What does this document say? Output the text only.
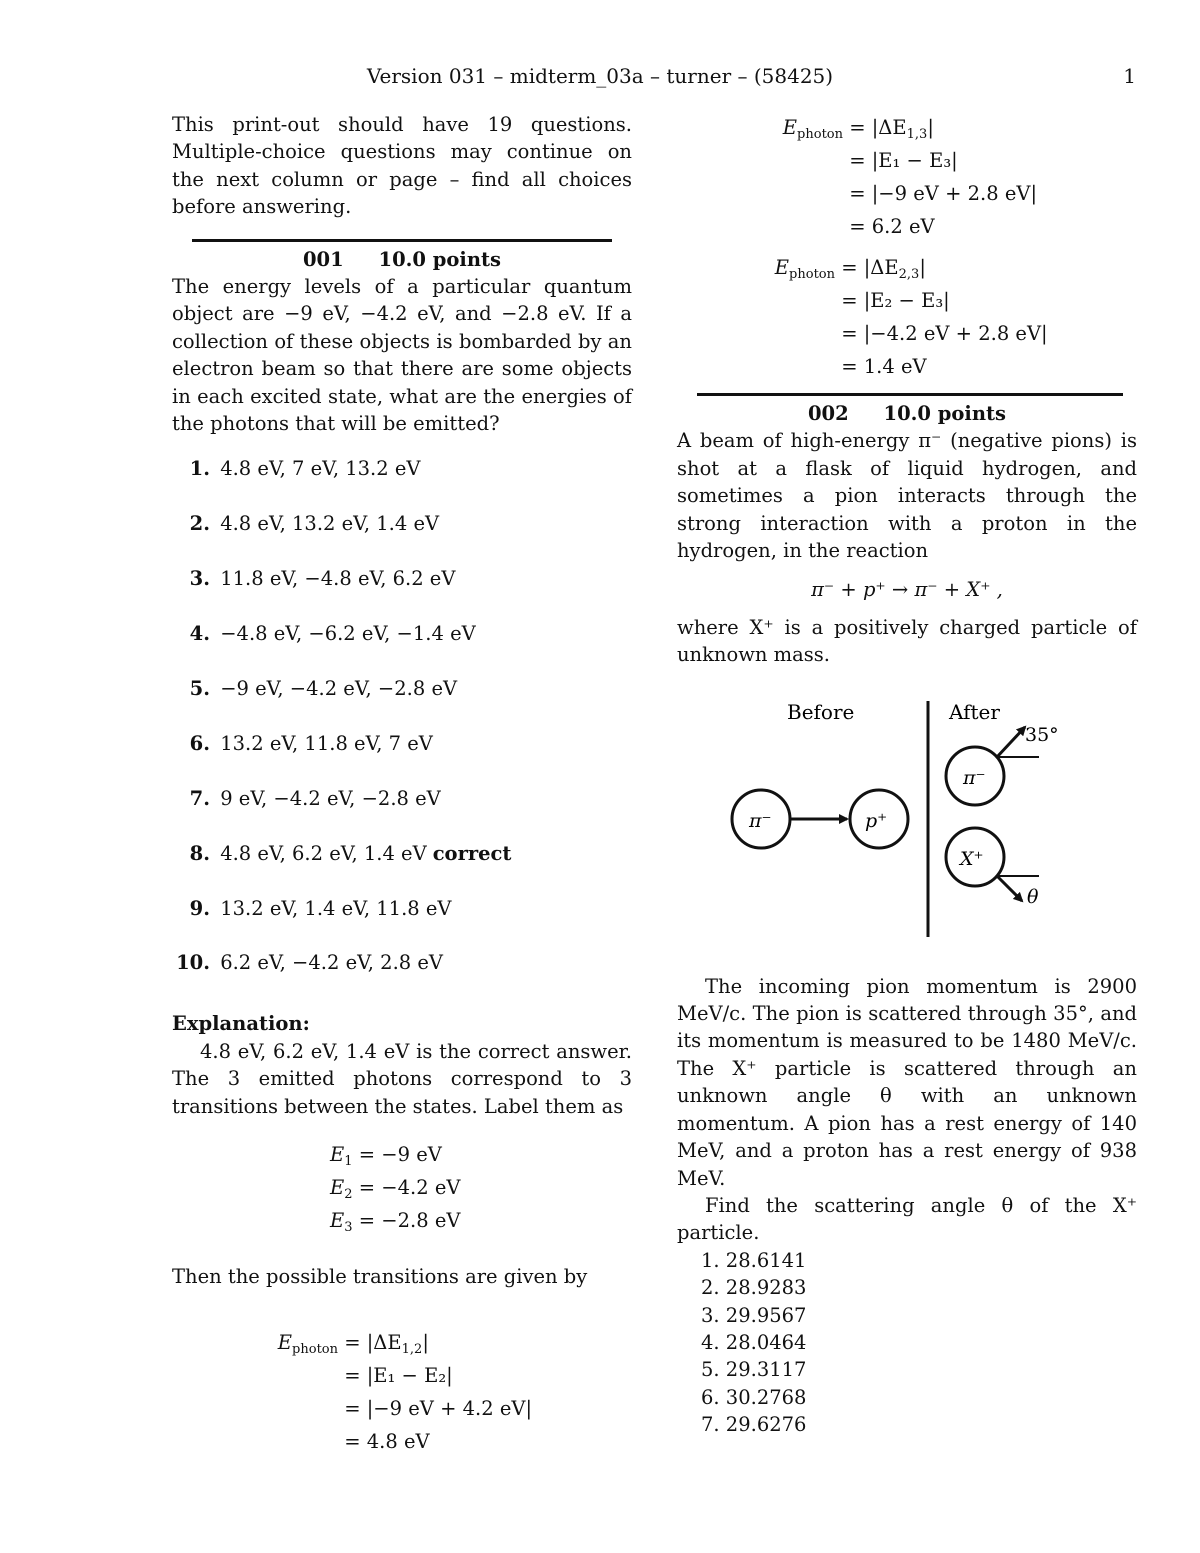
Version 031 – midterm_03a – turner – (58425)	1
This print-out should have 19 questions. Multiple-choice questions may continue on the next column or page – find all choices before answering.
001 10.0 points
The energy levels of a particular quantum object are −9 eV, −4.2 eV, and −2.8 eV. If a collection of these objects is bombarded by an electron beam so that there are some objects in each excited state, what are the energies of the photons that will be emitted?
1. 4.8 eV, 7 eV, 13.2 eV
2. 4.8 eV, 13.2 eV, 1.4 eV
3. 11.8 eV, −4.8 eV, 6.2 eV
4. −4.8 eV, −6.2 eV, −1.4 eV
5. −9 eV, −4.2 eV, −2.8 eV
6. 13.2 eV, 11.8 eV, 7 eV
7. 9 eV, −4.2 eV, −2.8 eV
8. 4.8 eV, 6.2 eV, 1.4 eV correct
9. 13.2 eV, 1.4 eV, 11.8 eV
10. 6.2 eV, −4.2 eV, 2.8 eV
Explanation:
4.8 eV, 6.2 eV, 1.4 eV is the correct answer. The 3 emitted photons correspond to 3 transitions between the states. Label them as
$E_1 = -9$ eV
$E_2 = -4.2$ eV
$E_3 = -2.8$ eV
Then the possible transitions are given by
$E_{photon} = |\Delta E_{1,2}|$
= |E₁ − E₂|
= |−9 eV + 4.2 eV|
= 4.8 eV
$E_{photon} = |\Delta E_{1,3}|$
= |E₁ − E₃|
= |−9 eV + 2.8 eV|
= 6.2 eV
$E_{photon} = |\Delta E_{2,3}|$
= |E₂ − E₃|
= |−4.2 eV + 2.8 eV|
= 1.4 eV
002 10.0 points
A beam of high-energy π⁻ (negative pions) is shot at a flask of liquid hydrogen, and sometimes a pion interacts through the strong interaction with a proton in the hydrogen, in the reaction
π⁻ + p⁺ → π⁻ + X⁺ ,
where X⁺ is a positively charged particle of unknown mass.
Before	After
π⁻	p⁺
π⁻
35°
X⁺
θ
The incoming pion momentum is 2900 MeV/c. The pion is scattered through 35°, and its momentum is measured to be 1480 MeV/c. The X⁺ particle is scattered through an unknown angle θ with an unknown momentum. A pion has a rest energy of 140 MeV, and a proton has a rest energy of 938 MeV.
Find the scattering angle θ of the X⁺ particle.
1. 28.6141
2. 28.9283
3. 29.9567
4. 28.0464
5. 29.3117
6. 30.2768
7. 29.6276
